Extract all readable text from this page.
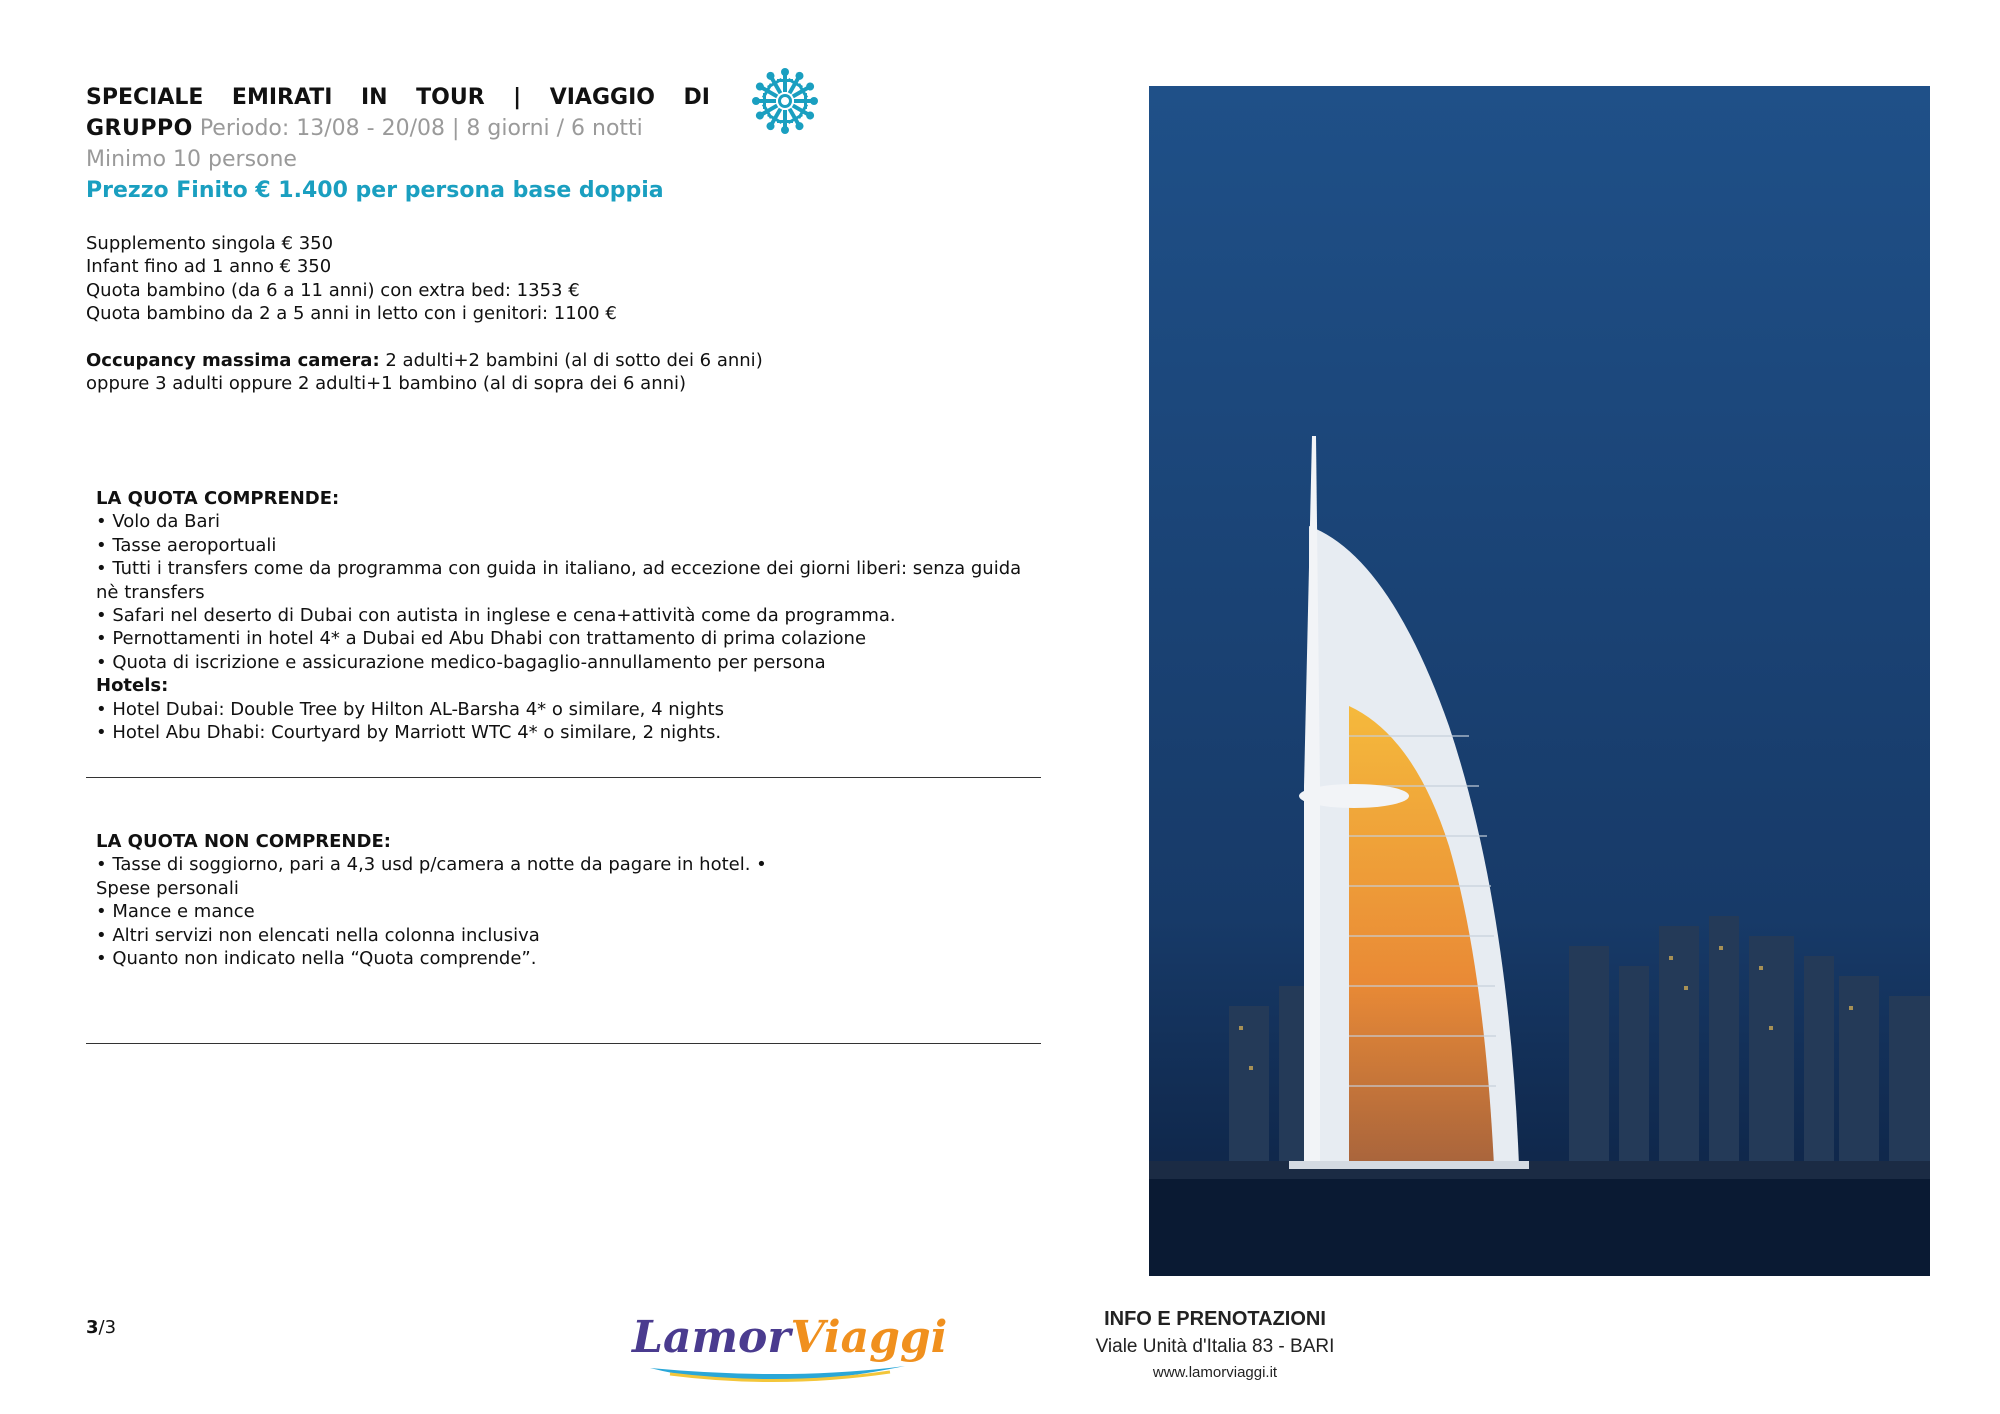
SPECIALE EMIRATI IN TOUR | VIAGGIO DI
GRUPPO Periodo: 13/08 - 20/08 | 8 giorni / 6 notti
Minimo 10 persone
Prezzo Finito € 1.400 per persona base doppia
Supplemento singola € 350
Infant fino ad 1 anno € 350
Quota bambino (da 6 a 11 anni) con extra bed: 1353 €
Quota bambino da 2 a 5 anni in letto con i genitori: 1100 €
Occupancy massima camera: 2 adulti+2 bambini (al di sotto dei 6 anni)
oppure 3 adulti oppure 2 adulti+1 bambino (al di sopra dei 6 anni)
LA QUOTA COMPRENDE:
• Volo da Bari
• Tasse aeroportuali
• Tutti i transfers come da programma con guida in italiano, ad eccezione dei giorni liberi: senza guida nè transfers
• Safari nel deserto di Dubai con autista in inglese e cena+attività come da programma.
• Pernottamenti in hotel 4* a Dubai ed Abu Dhabi con trattamento di prima colazione
• Quota di iscrizione e assicurazione medico-bagaglio-annullamento per persona
Hotels:
• Hotel Dubai: Double Tree by Hilton AL-Barsha 4* o similare, 4 nights
• Hotel Abu Dhabi: Courtyard by Marriott WTC 4* o similare, 2 nights.
LA QUOTA NON COMPRENDE:
• Tasse di soggiorno, pari a 4,3 usd p/camera a notte da pagare in hotel. •
Spese personali
• Mance e mance
• Altri servizi non elencati nella colonna inclusiva
• Quanto non indicato nella “Quota comprende”.
3/3	LamorViaggi	INFO E PRENOTAZIONI
Viale Unità d'Italia 83 - BARI
www.lamorviaggi.it
